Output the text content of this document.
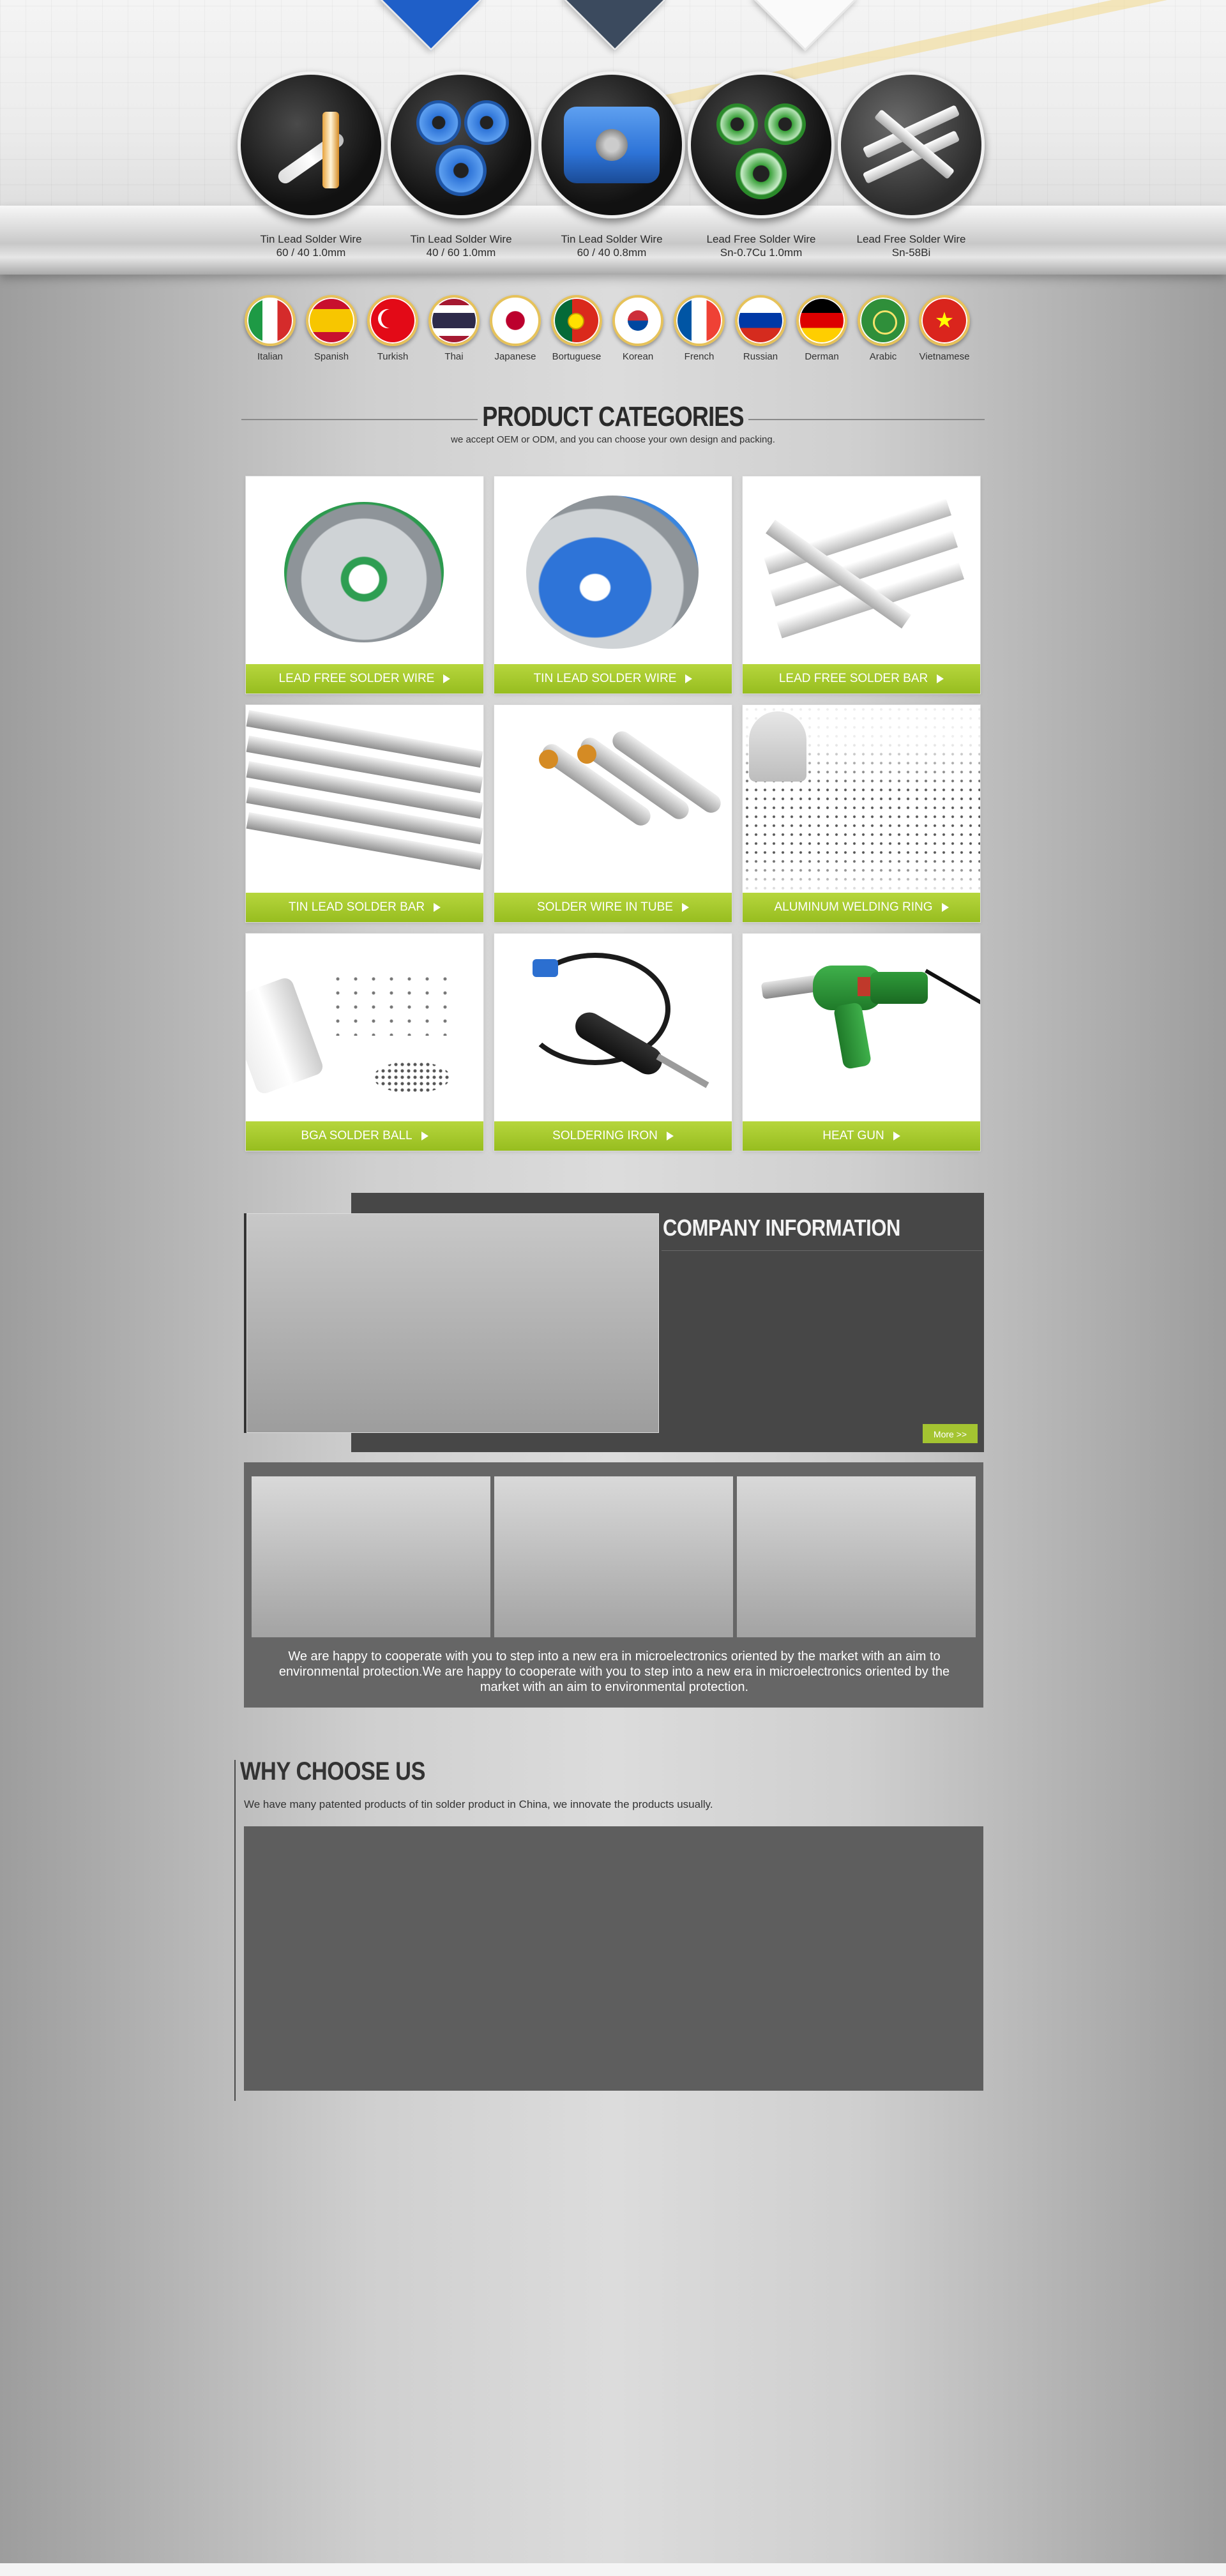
Tin Lead Solder Wire
60 / 40 1.0mm
Tin Lead Solder Wire
40 / 60 1.0mm
Tin Lead Solder Wire
60 / 40 0.8mm
Lead Free Solder Wire
Sn-0.7Cu 1.0mm
Lead Free Solder Wire
Sn-58Bi
Italian	Spanish	Turkish	Thai	Japanese	Bortuguese	Korean	French	Russian	Derman	Arabic
★
Vietnamese
PRODUCT CATEGORIES
we accept OEM or ODM, and you can choose your own design and packing.
LEAD FREE SOLDER WIRE	TIN LEAD SOLDER WIRE	LEAD FREE SOLDER BAR
TIN LEAD SOLDER BAR	SOLDER WIRE IN TUBE	ALUMINUM WELDING RING
BGA SOLDER BALL	SOLDERING IRON	HEAT GUN
COMPANY INFORMATION
More >>
We are happy to cooperate with you to step into a new era in microelectronics oriented by the market with an aim to environmental protection.We are happy to cooperate with you to step into a new era in microelectronics oriented by the market with an aim to environmental protection.
WHY CHOOSE US
We have many patented products of tin solder product in China, we innovate the products usually.
